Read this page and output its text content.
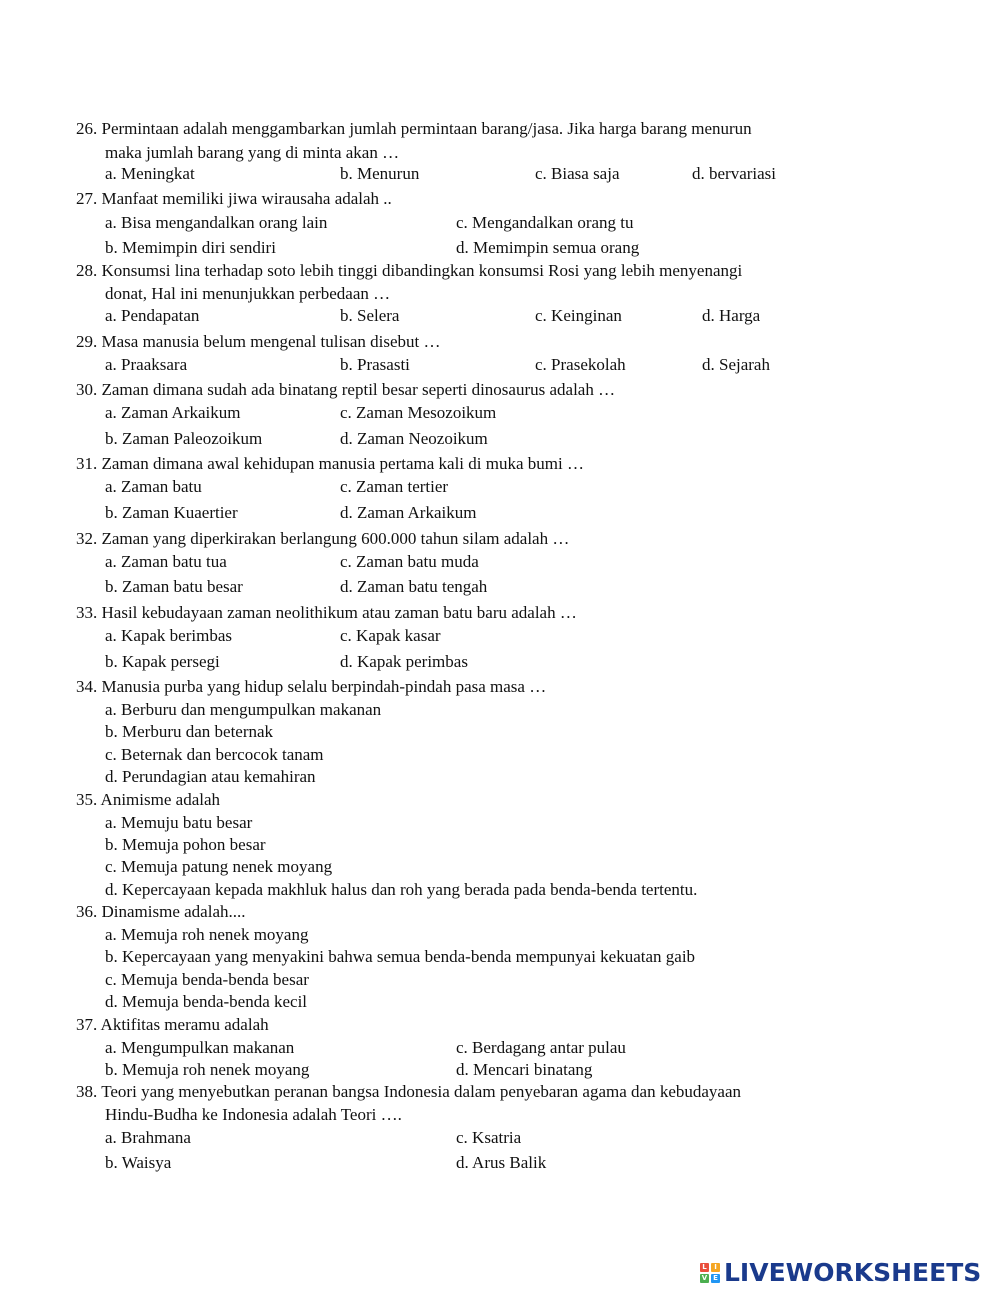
26. Permintaan adalah menggambarkan jumlah permintaan barang/jasa. Jika harga barang menurun
maka jumlah barang yang di minta akan …
a. Meningkat	b. Menurun	c. Biasa saja	d. bervariasi
27. Manfaat memiliki jiwa wirausaha adalah ..
a. Bisa mengandalkan orang lain	c. Mengandalkan orang tu
b. Memimpin diri sendiri	d. Memimpin semua orang
28. Konsumsi lina terhadap soto lebih tinggi dibandingkan konsumsi Rosi yang lebih menyenangi
donat, Hal ini menunjukkan perbedaan …
a. Pendapatan	b. Selera	c. Keinginan	d. Harga
29. Masa manusia belum mengenal tulisan disebut …
a. Praaksara	b. Prasasti	c. Prasekolah	d. Sejarah
30. Zaman dimana sudah ada binatang reptil besar seperti dinosaurus adalah …
a. Zaman Arkaikum	c. Zaman Mesozoikum
b. Zaman Paleozoikum	d. Zaman Neozoikum
31. Zaman dimana awal kehidupan manusia pertama kali di muka bumi …
a. Zaman batu	c. Zaman tertier
b. Zaman Kuaertier	d. Zaman Arkaikum
32. Zaman yang diperkirakan berlangung 600.000 tahun silam adalah …
a. Zaman batu tua	c. Zaman batu muda
b. Zaman batu besar	d. Zaman batu tengah
33. Hasil kebudayaan zaman neolithikum atau zaman batu baru adalah …
a. Kapak berimbas	c. Kapak kasar
b. Kapak persegi	d. Kapak perimbas
34. Manusia purba yang hidup selalu berpindah-pindah pasa masa …
a. Berburu dan mengumpulkan makanan
b. Merburu dan beternak
c. Beternak dan bercocok tanam
d. Perundagian atau kemahiran
35. Animisme adalah
a. Memuju batu besar
b. Memuja pohon besar
c. Memuja patung nenek moyang
d. Kepercayaan kepada makhluk halus dan roh yang berada pada benda-benda tertentu.
36. Dinamisme adalah....
a. Memuja roh nenek moyang
b. Kepercayaan yang menyakini bahwa semua benda-benda mempunyai kekuatan gaib
c. Memuja benda-benda besar
d. Memuja benda-benda kecil
37. Aktifitas meramu adalah
a. Mengumpulkan makanan	c. Berdagang antar pulau
b. Memuja roh nenek moyang	d. Mencari binatang
38. Teori yang menyebutkan peranan bangsa Indonesia dalam penyebaran agama dan kebudayaan
Hindu-Budha ke Indonesia adalah Teori ….
a. Brahmana	c. Ksatria
b. Waisya	d. Arus Balik
L	I
V E LIVEWORKSHEETS
